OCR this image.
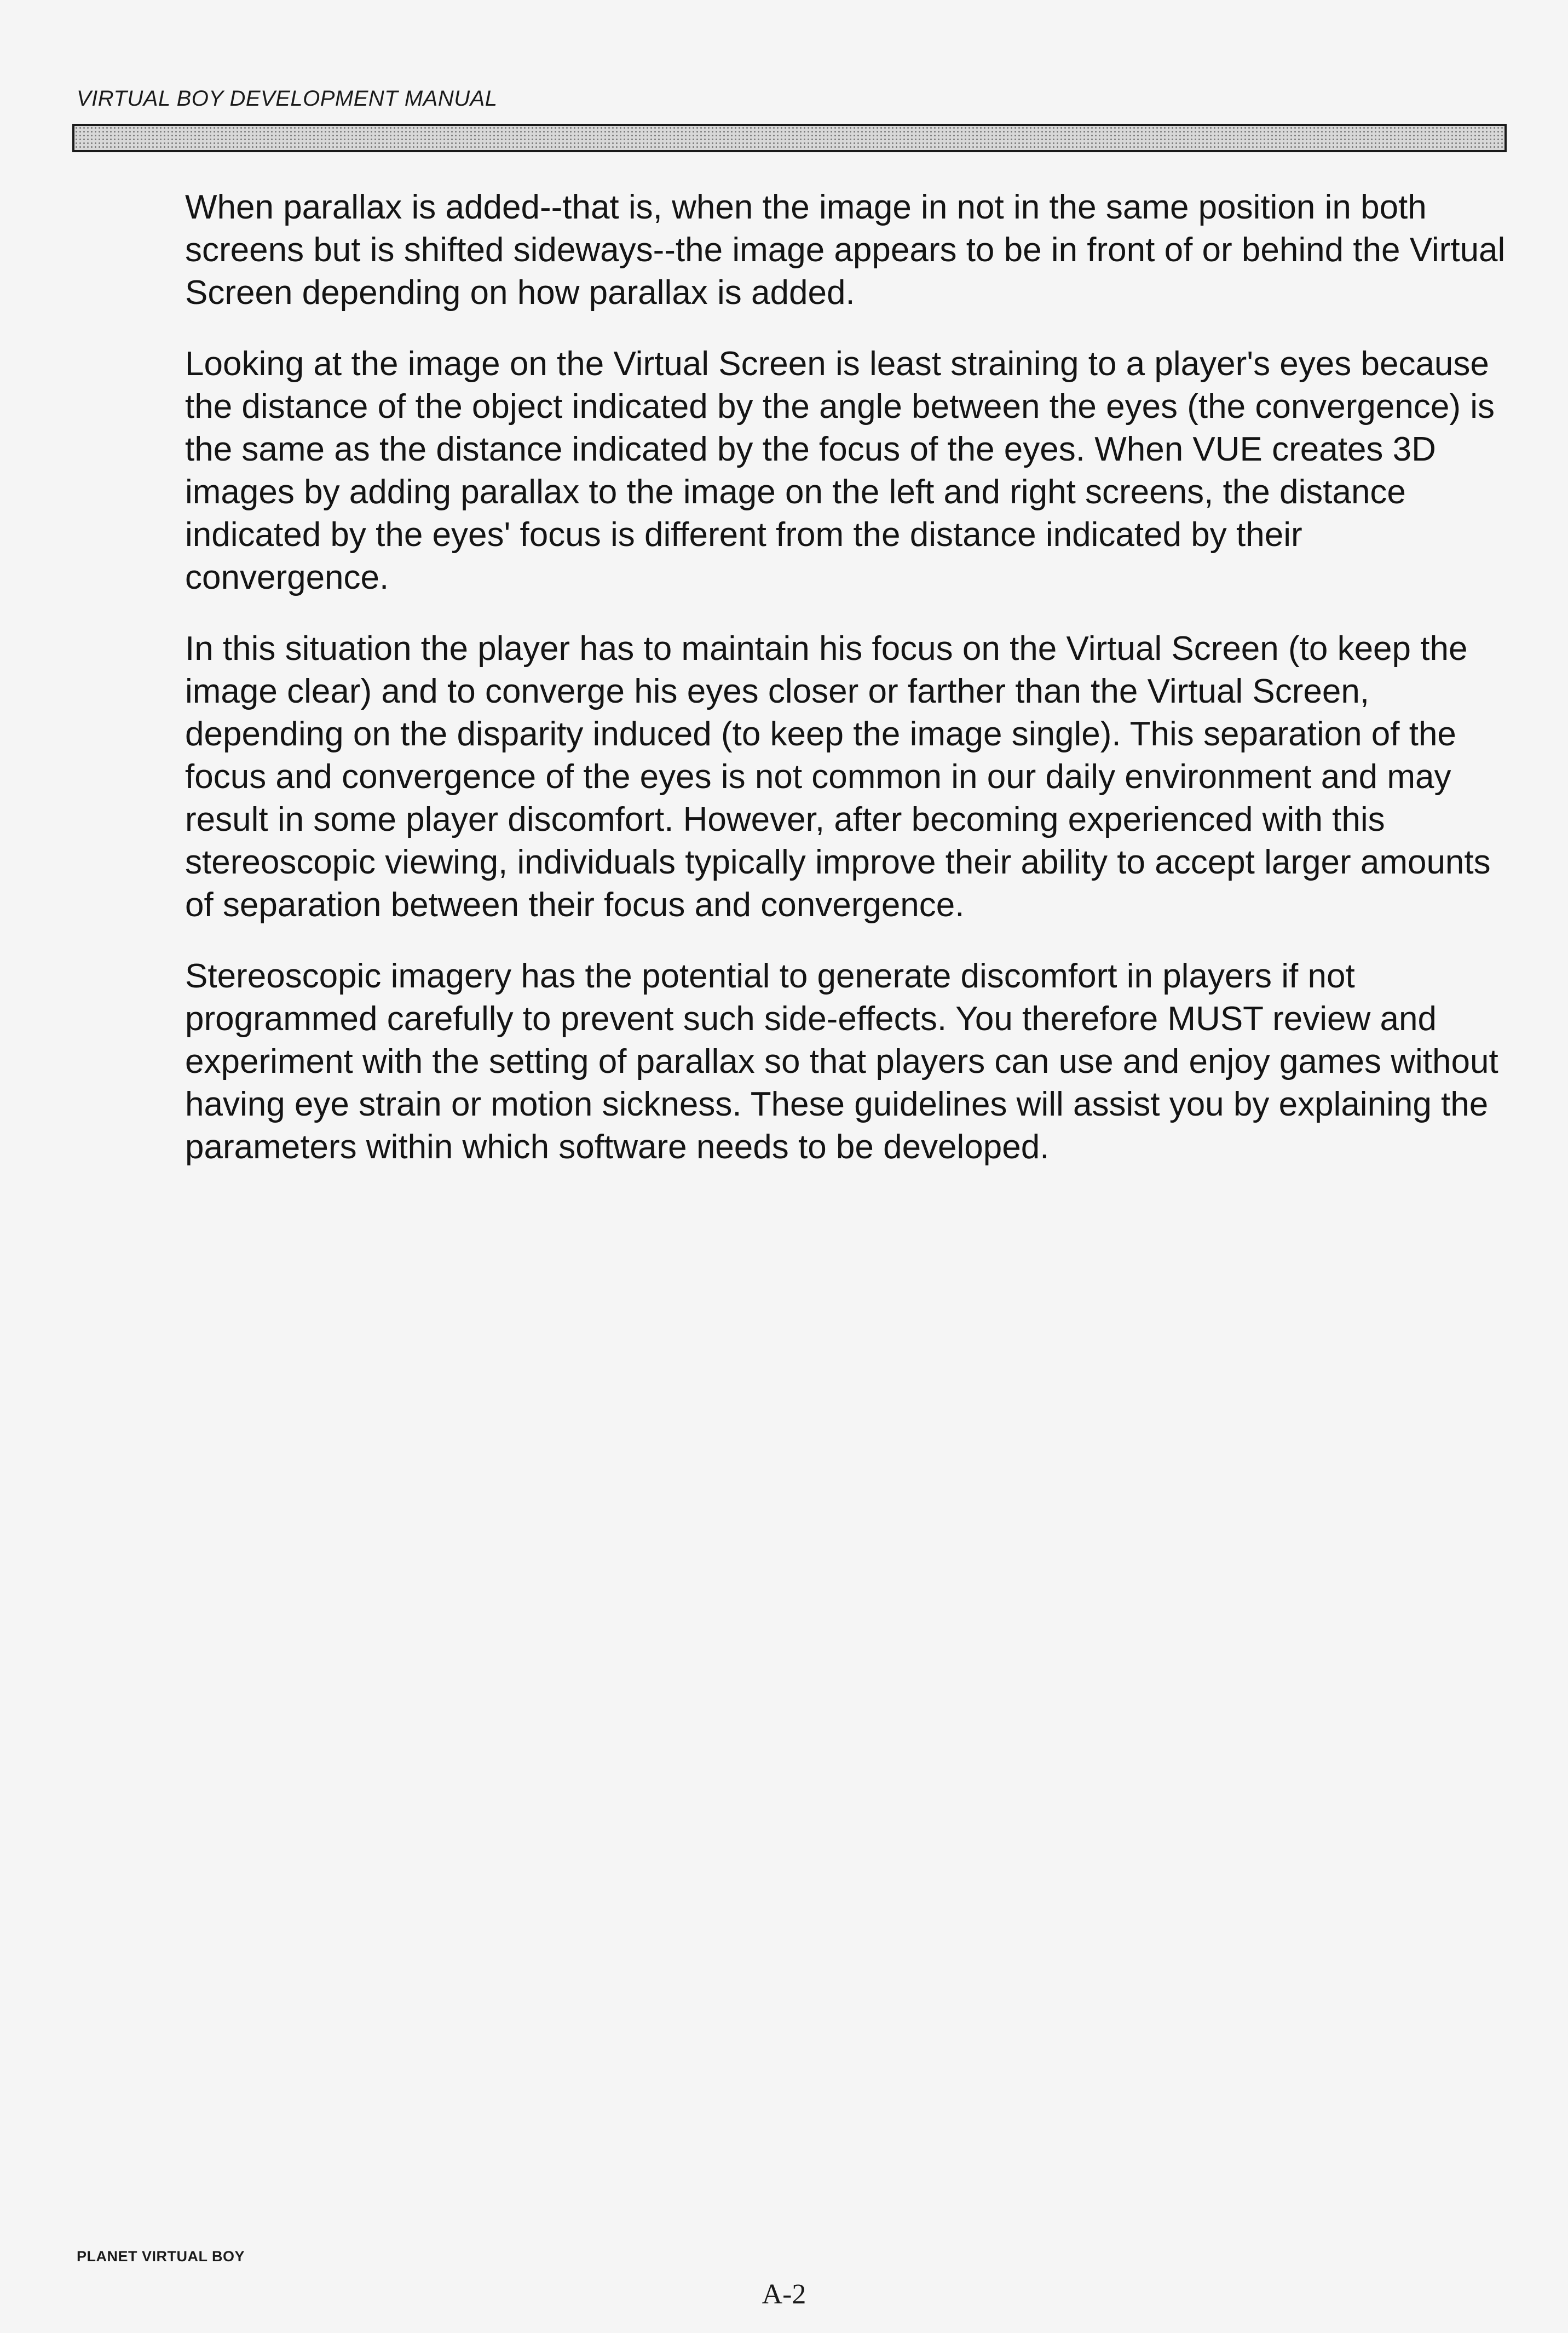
VIRTUAL BOY DEVELOPMENT MANUAL

When parallax is added--that is, when the image in not in the same position in both screens but is shifted sideways--the image appears to be in front of or behind the Virtual Screen depending on how parallax is added.

Looking at the image on the Virtual Screen is least straining to a player's eyes because the distance of the object indicated by the angle between the eyes (the convergence) is the same as the distance indicated by the focus of the eyes. When VUE creates 3D images by adding parallax to the image on the left and right screens, the distance indicated by the eyes' focus is different from the distance indicated by their convergence.

In this situation the player has to maintain his focus on the Virtual Screen (to keep the image clear) and to converge his eyes closer or farther than the Virtual Screen, depending on the disparity induced (to keep the image single). This separation of the focus and convergence of the eyes is not common in our daily environment and may result in some player discomfort. However, after becoming experienced with this stereoscopic viewing, individuals typically improve their ability to accept larger amounts of separation between their focus and convergence.

Stereoscopic imagery has the potential to generate discomfort in players if not programmed carefully to prevent such side-effects. You therefore MUST review and experiment with the setting of parallax so that players can use and enjoy games without having eye strain or motion sickness. These guidelines will assist you by explaining the parameters within which software needs to be developed.

PLANET VIRTUAL BOY
A-2
